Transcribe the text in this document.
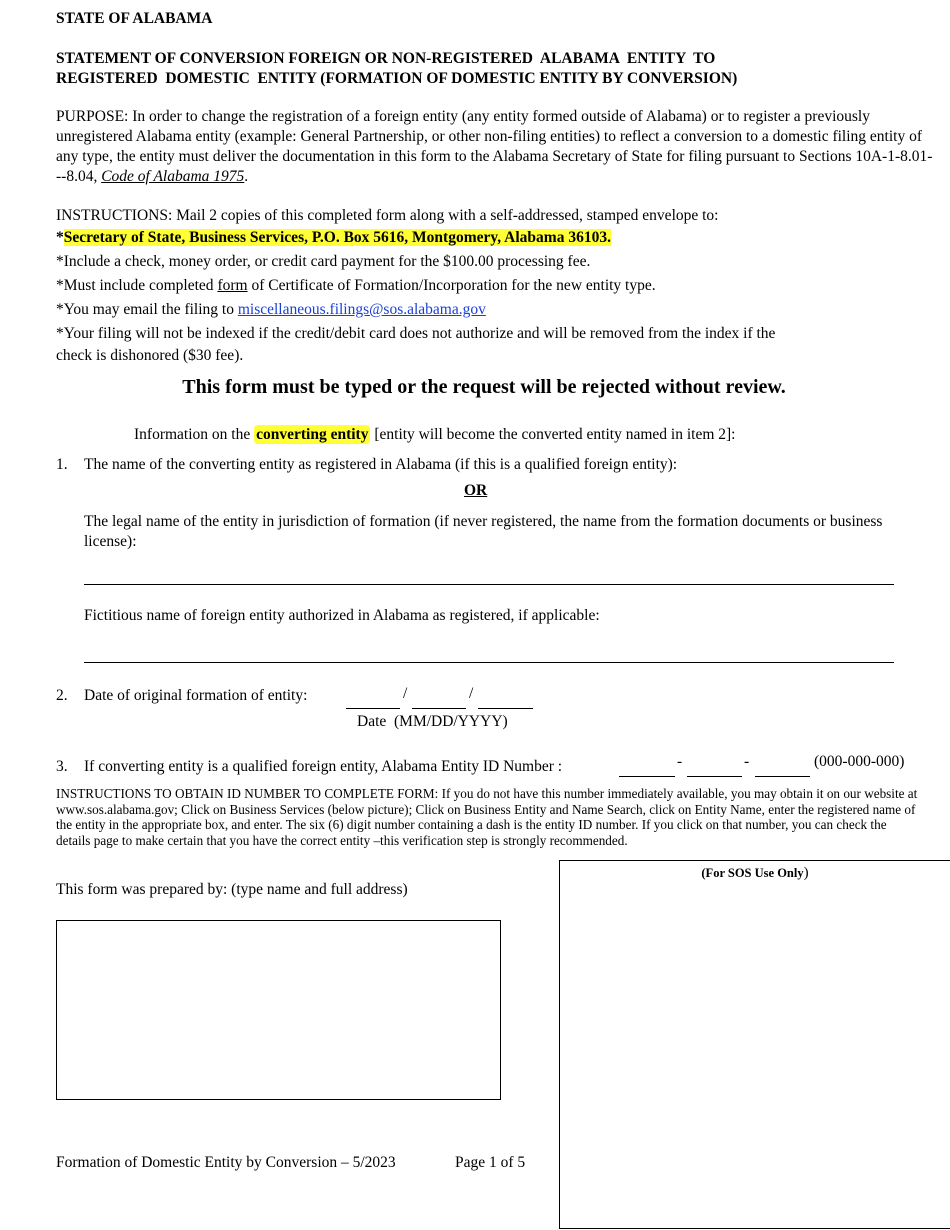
STATE OF ALABAMA
STATEMENT OF CONVERSION FOREIGN OR NON-REGISTERED  ALABAMA  ENTITY  TO
REGISTERED  DOMESTIC  ENTITY (FORMATION OF DOMESTIC ENTITY BY CONVERSION)
PURPOSE: In order to change the registration of a foreign entity (any entity formed outside of Alabama) or to register a previously unregistered Alabama entity (example: General Partnership, or other non-filing entities) to reflect a conversion to a domestic filing entity of any type, the entity must deliver the documentation in this form to the Alabama Secretary of State for filing pursuant to Sections 10A-1-8.01---8.04, Code of Alabama 1975.
INSTRUCTIONS: Mail 2 copies of this completed form along with a self-addressed, stamped envelope to:
*Secretary of State, Business Services, P.O. Box 5616, Montgomery, Alabama 36103.
*Include a check, money order, or credit card payment for the $100.00 processing fee.
*Must include completed form of Certificate of Formation/Incorporation for the new entity type.
*You may email the filing to miscellaneous.filings@sos.alabama.gov
*Your filing will not be indexed if the credit/debit card does not authorize and will be removed from the index if the
check is dishonored ($30 fee).
This form must be typed or the request will be rejected without review.
Information on the converting entity [entity will become the converted entity named in item 2]:
1. The name of the converting entity as registered in Alabama (if this is a qualified foreign entity):
OR
The legal name of the entity in jurisdiction of formation (if never registered, the name from the formation documents or business license):
Fictitious name of foreign entity authorized in Alabama as registered, if applicable:
2. Date of original formation of entity:	/	/
Date  (MM/DD/YYYY)
3. If converting entity is a qualified foreign entity, Alabama Entity ID Number :	-	-	(000-000-000)
INSTRUCTIONS TO OBTAIN ID NUMBER TO COMPLETE FORM: If you do not have this number immediately available, you may obtain it on our website at www.sos.alabama.gov; Click on Business Services (below picture); Click on Business Entity and Name Search, click on Entity Name, enter the registered name of the entity in the appropriate box, and enter. The six (6) digit number containing a dash is the entity ID number. If you click on that number, you can check the details page to make certain that you have the correct entity –this verification step is strongly recommended.
This form was prepared by: (type name and full address)
(For SOS Use Only)
Formation of Domestic Entity by Conversion – 5/2023	Page 1 of 5
